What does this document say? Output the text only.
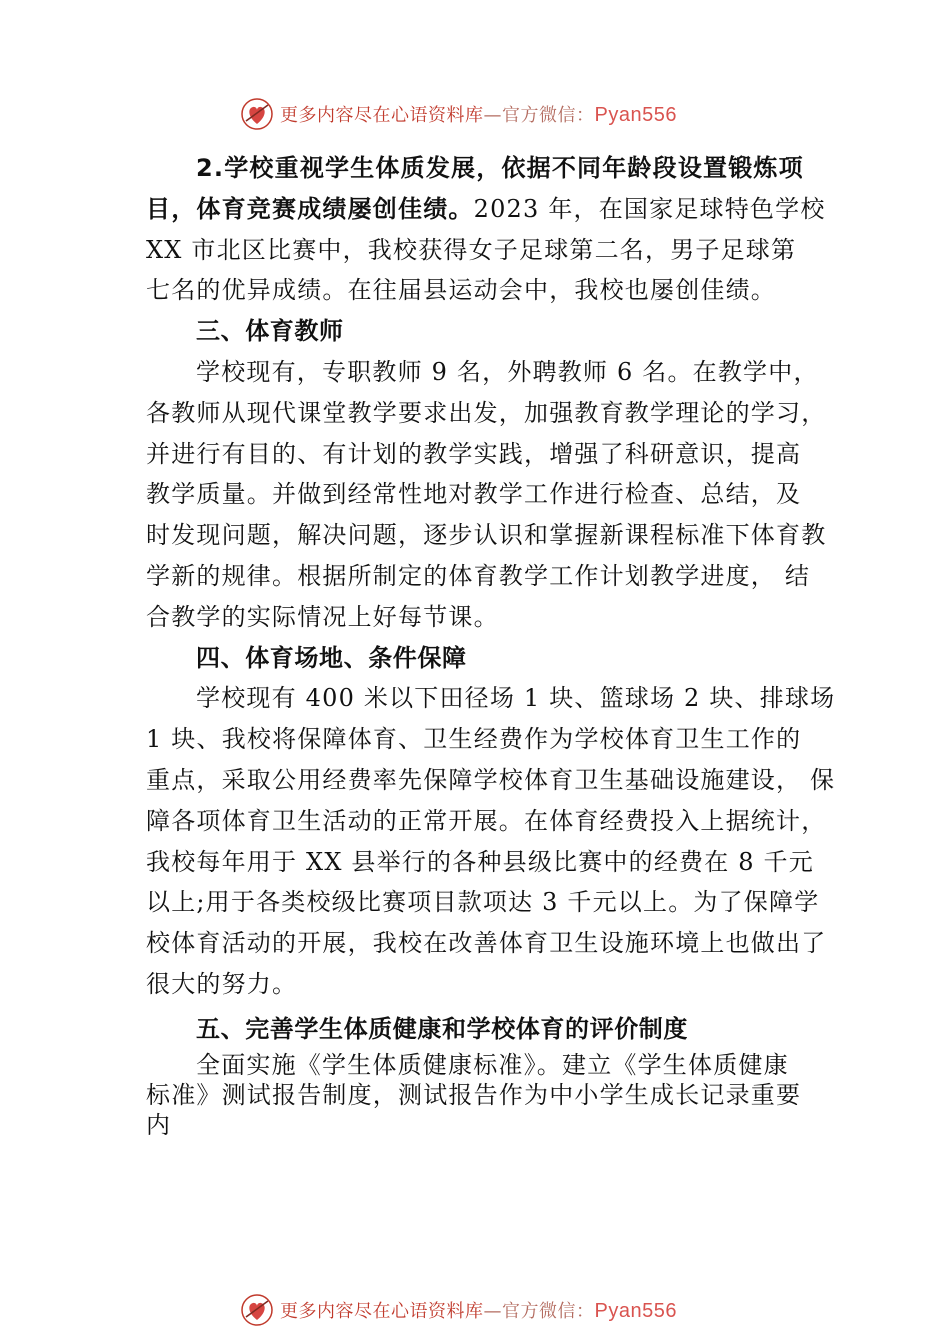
更多内容尽在心语资料库—官方微信：Pyan556
2.学校重视学生体质发展，依据不同年龄段设置锻炼项
目，体育竞赛成绩屡创佳绩。2023 年，在国家足球特色学校
XX 市北区比赛中，我校获得女子足球第二名，男子足球第
七名的优异成绩。在往届县运动会中，我校也屡创佳绩。
三、体育教师
学校现有，专职教师 9 名，外聘教师 6 名。在教学中，
各教师从现代课堂教学要求出发，加强教育教学理论的学习，
并进行有目的、有计划的教学实践，增强了科研意识，提高
教学质量。并做到经常性地对教学工作进行检查、总结，及
时发现问题，解决问题，逐步认识和掌握新课程标准下体育教
学新的规律。根据所制定的体育教学工作计划教学进度， 结
合教学的实际情况上好每节课。
四、体育场地、条件保障
学校现有 400 米以下田径场 1 块、篮球场 2 块、排球场
1 块、我校将保障体育、卫生经费作为学校体育卫生工作的
重点，采取公用经费率先保障学校体育卫生基础设施建设， 保
障各项体育卫生活动的正常开展。在体育经费投入上据统计，
我校每年用于 XX 县举行的各种县级比赛中的经费在 8 千元
以上;用于各类校级比赛项目款项达 3 千元以上。为了保障学
校体育活动的开展，我校在改善体育卫生设施环境上也做出了
很大的努力。
五、完善学生体质健康和学校体育的评价制度
全面实施《学生体质健康标准》。建立《学生体质健康
标准》测试报告制度，测试报告作为中小学生成长记录重要
内
更多内容尽在心语资料库—官方微信：Pyan556
